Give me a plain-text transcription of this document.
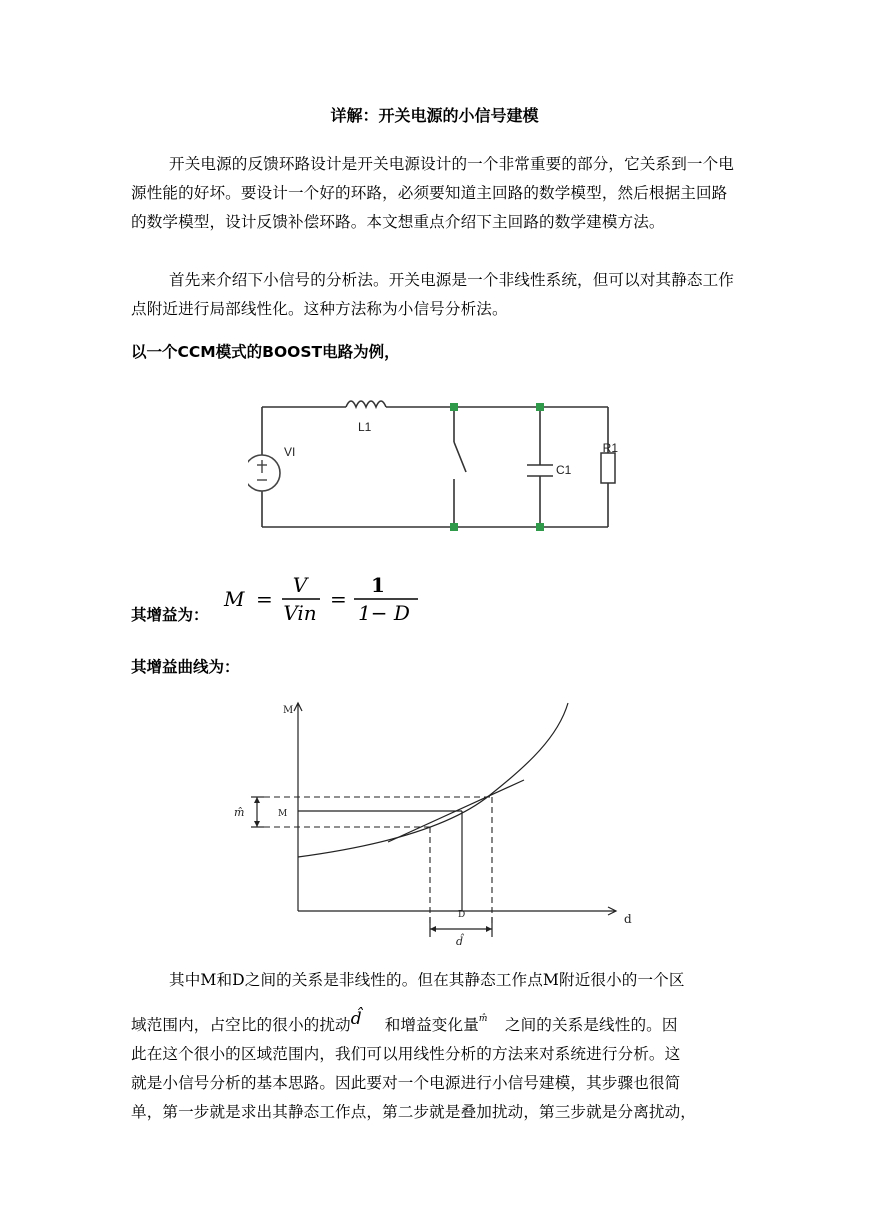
详解：开关电源的小信号建模
开关电源的反馈环路设计是开关电源设计的一个非常重要的部分，它关系到一个电源性能的好坏。要设计一个好的环路，必须要知道主回路的数学模型，然后根据主回路的数学模型，设计反馈补偿环路。本文想重点介绍下主回路的数学建模方法。
首先来介绍下小信号的分析法。开关电源是一个非线性系统，但可以对其静态工作点附近进行局部线性化。这种方法称为小信号分析法。
以一个CCM模式的BOOST电路为例，
VI
L1
C1
R1
其增益为：
M =
V
Vin
=
1
1− D
其增益曲线为：
M
d
M
D
m̂
d̂
其中M和D之间的关系是非线性的。但在其静态工作点M附近很小的一个区
域范围内，占空比的很小的扰动d̂ 和增益变化量m̂ 之间的关系是线性的。因
此在这个很小的区域范围内，我们可以用线性分析的方法来对系统进行分析。这
就是小信号分析的基本思路。因此要对一个电源进行小信号建模，其步骤也很简
单，第一步就是求出其静态工作点，第二步就是叠加扰动，第三步就是分离扰动，
